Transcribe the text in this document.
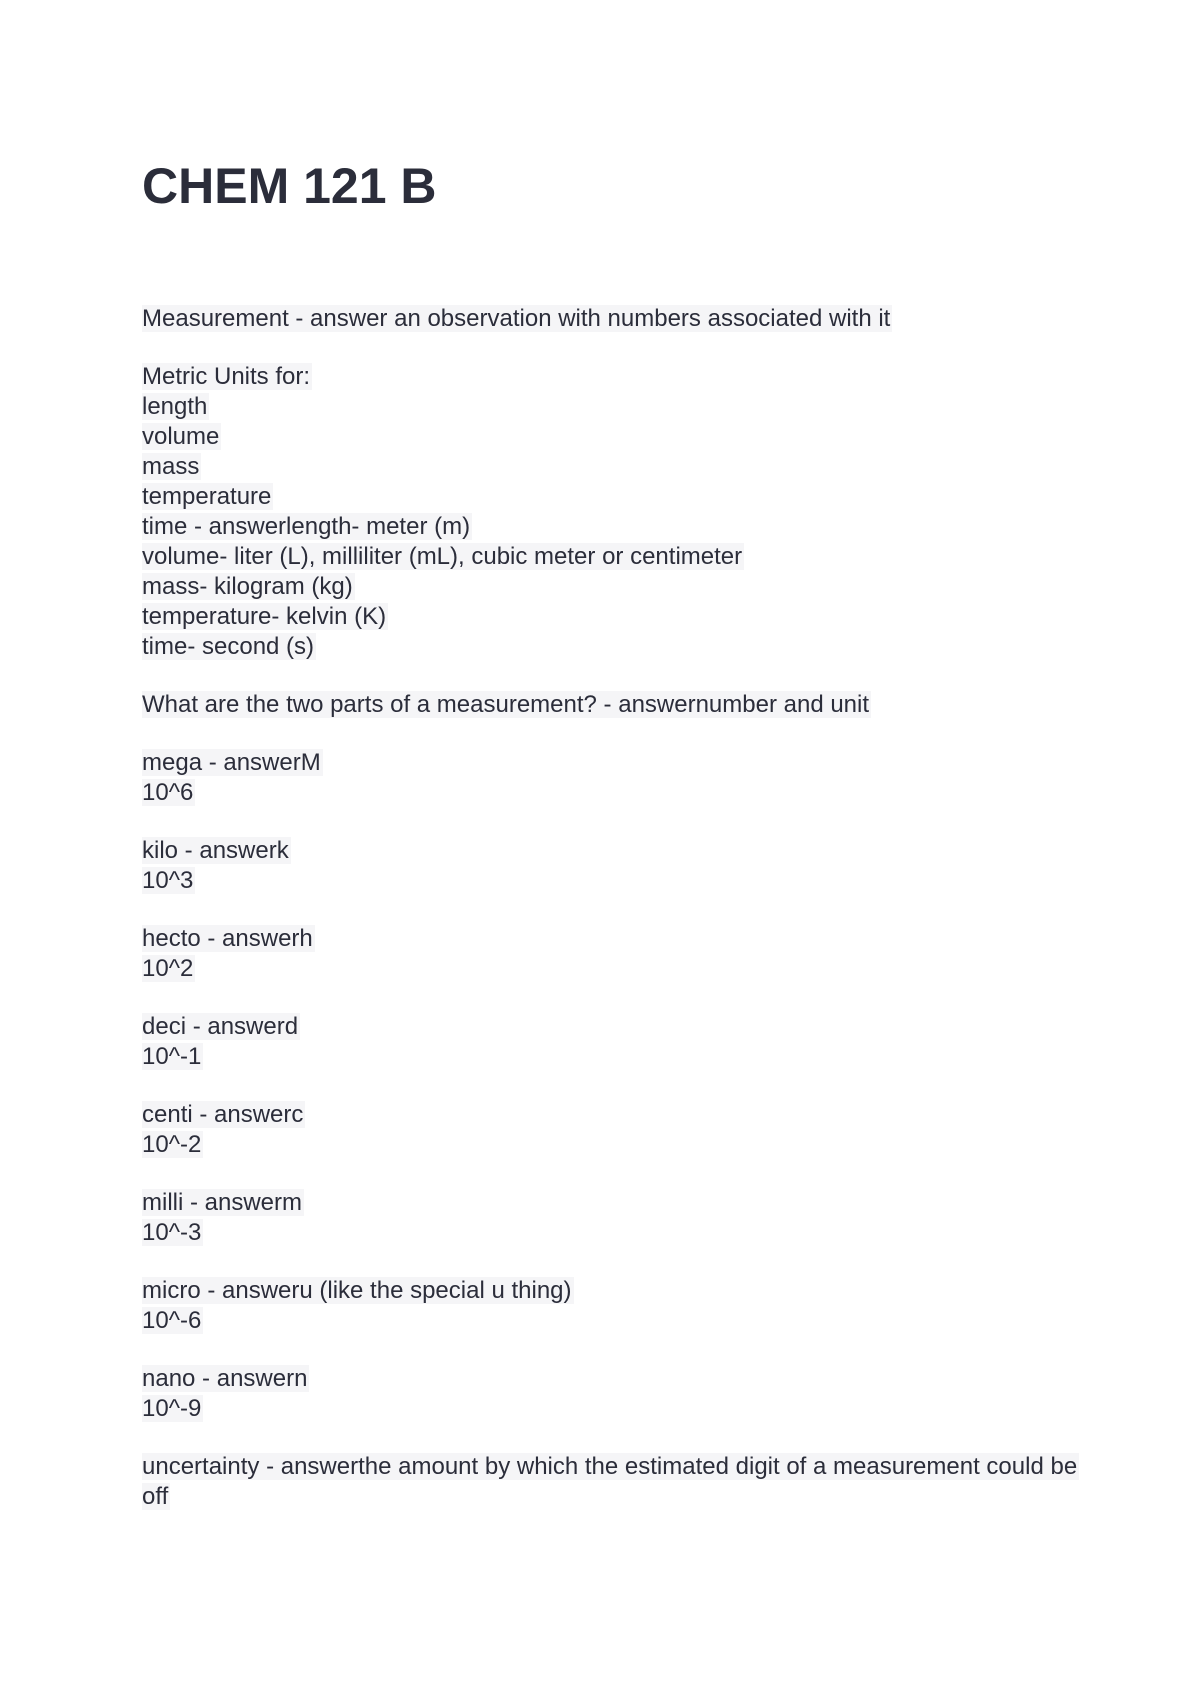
CHEM 121 B
Measurement - answer an observation with numbers associated with it
Metric Units for:
length
volume
mass
temperature
time - answerlength- meter (m)
volume- liter (L), milliliter (mL), cubic meter or centimeter
mass- kilogram (kg)
temperature- kelvin (K)
time- second (s)
What are the two parts of a measurement? - answernumber and unit
mega - answerM
10^6
kilo - answerk
10^3
hecto - answerh
10^2
deci - answerd
10^-1
centi - answerc
10^-2
milli - answerm
10^-3
micro - answeru (like the special u thing)
10^-6
nano - answern
10^-9
uncertainty - answerthe amount by which the estimated digit of a measurement could be
off
